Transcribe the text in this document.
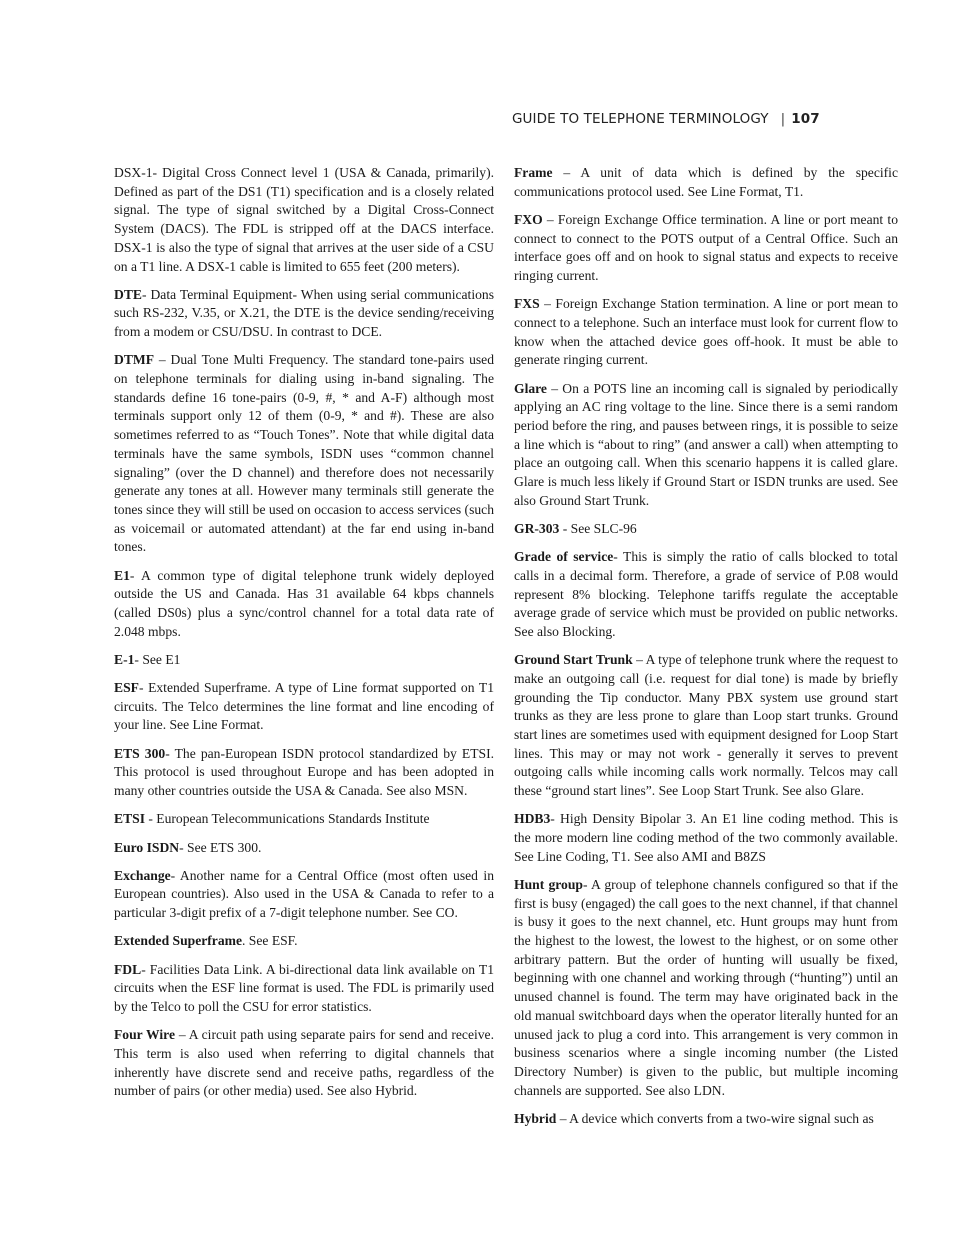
GUIDE TO TELEPHONE TERMINOLOGY | 107

DSX-1- Digital Cross Connect level 1 (USA & Canada, primarily). Defined as part of the DS1 (T1) specification and is a closely related signal. The type of signal switched by a Digital Cross-Connect System (DACS). The FDL is stripped off at the DACS interface. DSX-1 is also the type of signal that arrives at the user side of a CSU on a T1 line. A DSX-1 cable is limited to 655 feet (200 meters).

DTE- Data Terminal Equipment- When using serial communications such RS-232, V.35, or X.21, the DTE is the device sending/receiving from a modem or CSU/DSU. In contrast to DCE.

DTMF – Dual Tone Multi Frequency. The standard tone-pairs used on telephone terminals for dialing using in-band signaling. The standards define 16 tone-pairs (0-9, #, * and A-F) although most terminals support only 12 of them (0-9, * and #). These are also sometimes referred to as “Touch Tones”. Note that while digital data terminals have the same symbols, ISDN uses “common channel signaling” (over the D channel) and therefore does not necessarily generate any tones at all. However many terminals still generate the tones since they will still be used on occasion to access services (such as voicemail or automated attendant) at the far end using in-band tones.

E1- A common type of digital telephone trunk widely deployed outside the US and Canada. Has 31 available 64 kbps channels (called DS0s) plus a sync/control channel for a total data rate of 2.048 mbps.

E-1- See E1

ESF- Extended Superframe. A type of Line format supported on T1 circuits. The Telco determines the line format and line encoding of your line. See Line Format.

ETS 300- The pan-European ISDN protocol standardized by ETSI. This protocol is used throughout Europe and has been adopted in many other countries outside the USA & Canada. See also MSN.

ETSI - European Telecommunications Standards Institute

Euro ISDN- See ETS 300.

Exchange- Another name for a Central Office (most often used in European countries). Also used in the USA & Canada to refer to a particular 3-digit prefix of a 7-digit telephone number. See CO.

Extended Superframe. See ESF.

FDL- Facilities Data Link. A bi-directional data link available on T1 circuits when the ESF line format is used. The FDL is primarily used by the Telco to poll the CSU for error statistics.

Four Wire – A circuit path using separate pairs for send and receive. This term is also used when referring to digital channels that inherently have discrete send and receive paths, regardless of the number of pairs (or other media) used. See also Hybrid.

Frame – A unit of data which is defined by the specific communications protocol used. See Line Format, T1.

FXO – Foreign Exchange Office termination. A line or port meant to connect to connect to the POTS output of a Central Office. Such an interface goes off and on hook to signal status and expects to receive ringing current.

FXS – Foreign Exchange Station termination. A line or port mean to connect to a telephone. Such an interface must look for current flow to know when the attached device goes off-hook. It must be able to generate ringing current.

Glare – On a POTS line an incoming call is signaled by periodically applying an AC ring voltage to the line. Since there is a semi random period before the ring, and pauses between rings, it is possible to seize a line which is “about to ring” (and answer a call) when attempting to place an outgoing call. When this scenario happens it is called glare. Glare is much less likely if Ground Start or ISDN trunks are used. See also Ground Start Trunk.

GR-303 - See SLC-96

Grade of service- This is simply the ratio of calls blocked to total calls in a decimal form. Therefore, a grade of service of P.08 would represent 8% blocking. Telephone tariffs regulate the acceptable average grade of service which must be provided on public networks. See also Blocking.

Ground Start Trunk – A type of telephone trunk where the request to make an outgoing call (i.e. request for dial tone) is made by briefly grounding the Tip conductor. Many PBX system use ground start trunks as they are less prone to glare than Loop start trunks. Ground start lines are sometimes used with equipment designed for Loop Start lines. This may or may not work - generally it serves to prevent outgoing calls while incoming calls work normally. Telcos may call these “ground start lines”. See Loop Start Trunk. See also Glare.

HDB3- High Density Bipolar 3. An E1 line coding method. This is the more modern line coding method of the two commonly available. See Line Coding, T1. See also AMI and B8ZS

Hunt group- A group of telephone channels configured so that if the first is busy (engaged) the call goes to the next channel, if that channel is busy it goes to the next channel, etc. Hunt groups may hunt from the highest to the lowest, the lowest to the highest, or on some other arbitrary pattern. But the order of hunting will usually be fixed, beginning with one channel and working through (“hunting”) until an unused channel is found. The term may have originated back in the old manual switchboard days when the operator literally hunted for an unused jack to plug a cord into. This arrangement is very common in business scenarios where a single incoming number (the Listed Directory Number) is given to the public, but multiple incoming channels are supported. See also LDN.

Hybrid – A device which converts from a two-wire signal such as
